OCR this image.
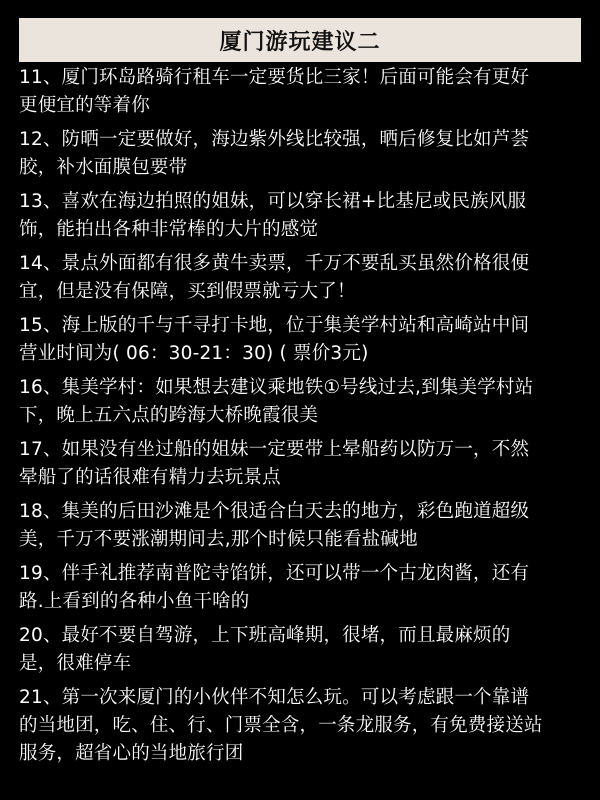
厦门游玩建议二

11、厦门环岛路骑行租车一定要货比三家！后面可能会有更好
更便宜的等着你

12、防晒一定要做好，海边紫外线比较强，晒后修复比如芦荟
胶，补水面膜包要带

13、喜欢在海边拍照的姐妹，可以穿长裙+比基尼或民族风服
饰，能拍出各种非常棒的大片的感觉

14、景点外面都有很多黄牛卖票，千万不要乱买虽然价格很便
宜，但是没有保障，买到假票就亏大了！

15、海上版的千与千寻打卡地，位于集美学村站和高崎站中间
营业时间为( 06：30-21：30) ( 票价3元)

16、集美学村：如果想去建议乘地铁①号线过去,到集美学村站
下，晚上五六点的跨海大桥晚霞很美

17、如果没有坐过船的姐妹一定要带上晕船药以防万一，不然
晕船了的话很难有精力去玩景点

18、集美的后田沙滩是个很适合白天去的地方，彩色跑道超级
美，千万不要涨潮期间去,那个时候只能看盐碱地

19、伴手礼推荐南普陀寺馅饼，还可以带一个古龙肉酱，还有
路.上看到的各种小鱼干啥的

20、最好不要自驾游，上下班高峰期，很堵，而且最麻烦的
是，很难停车

21、第一次来厦门的小伙伴不知怎么玩。可以考虑跟一个靠谱
的当地团，吃、住、行、门票全含，一条龙服务，有免费接送站
服务，超省心的当地旅行团
